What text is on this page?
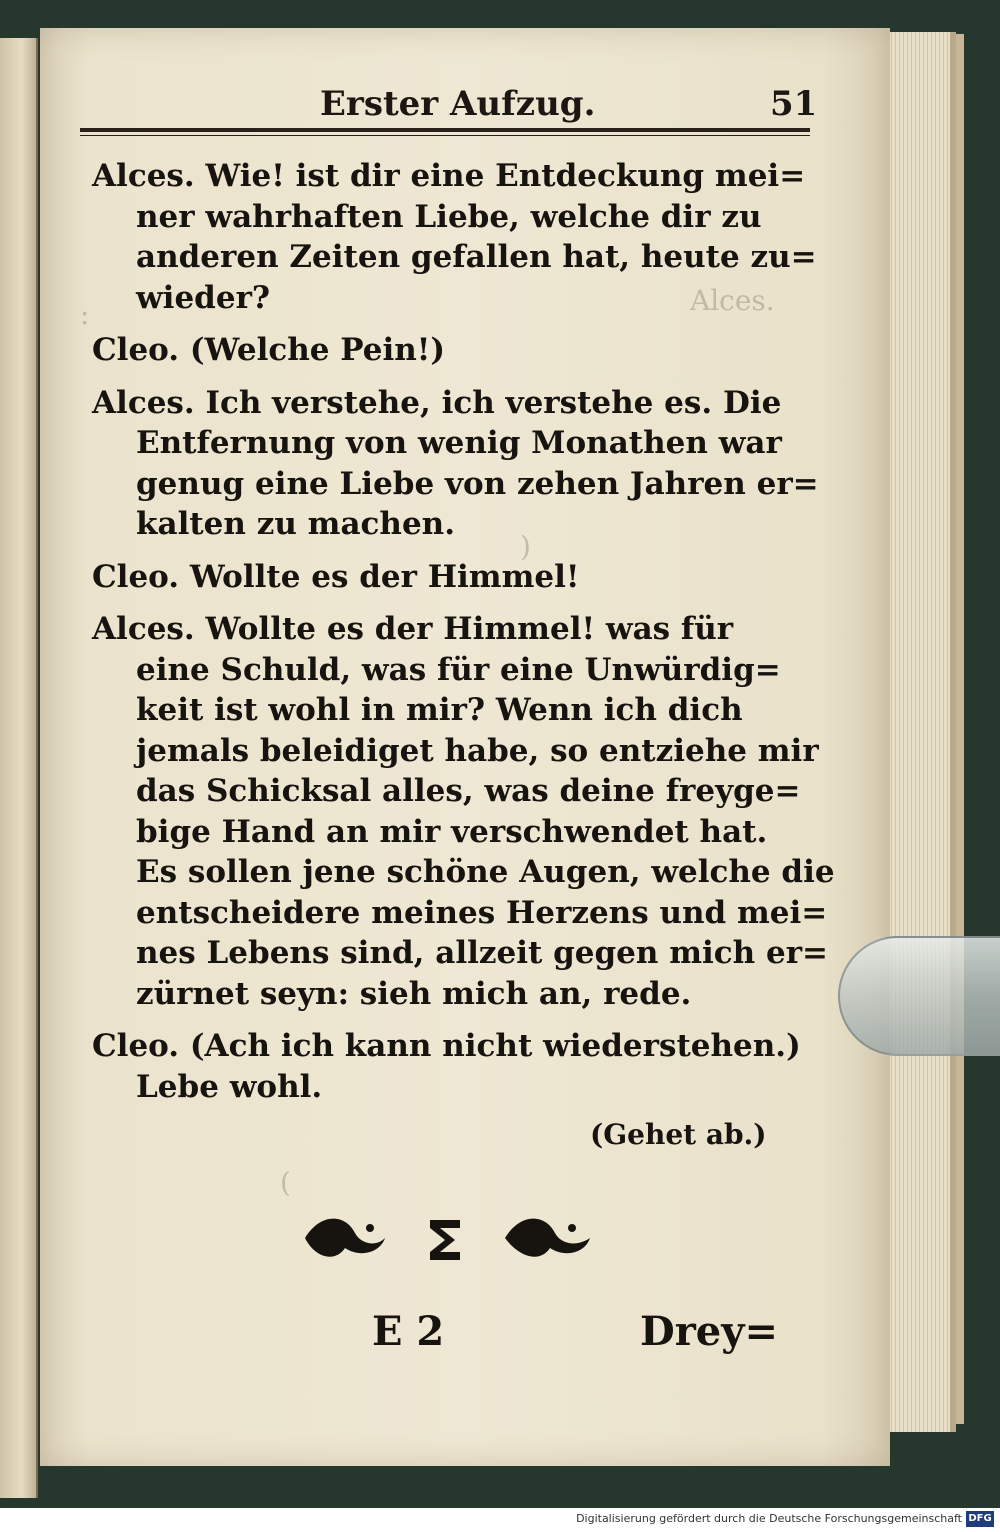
Alces.
:
)
(
Erster Aufzug.	51
Alces. Wie! ist dir eine Entdeckung mei=
ner wahrhaften Liebe, welche dir zu
anderen Zeiten gefallen hat, heute zu=
wieder?
Cleo. (Welche Pein!)
Alces. Ich verstehe, ich verstehe es. Die
Entfernung von wenig Monathen war
genug eine Liebe von zehen Jahren er=
kalten zu machen.
Cleo. Wollte es der Himmel!
Alces. Wollte es der Himmel! was für
eine Schuld, was für eine Unwürdig=
keit ist wohl in mir? Wenn ich dich
jemals beleidiget habe, so entziehe mir
das Schicksal alles, was deine freyge=
bige Hand an mir verschwendet hat.
Es sollen jene schöne Augen, welche die
entscheidere meines Herzens und mei=
nes Lebens sind, allzeit gegen mich er=
zürnet seyn: sieh mich an, rede.
Cleo. (Ach ich kann nicht wiederstehen.)
Lebe wohl.
(Gehet ab.)
E 2	Drey=
Digitalisierung gefördert durch die Deutsche Forschungsgemeinschaft DFG
